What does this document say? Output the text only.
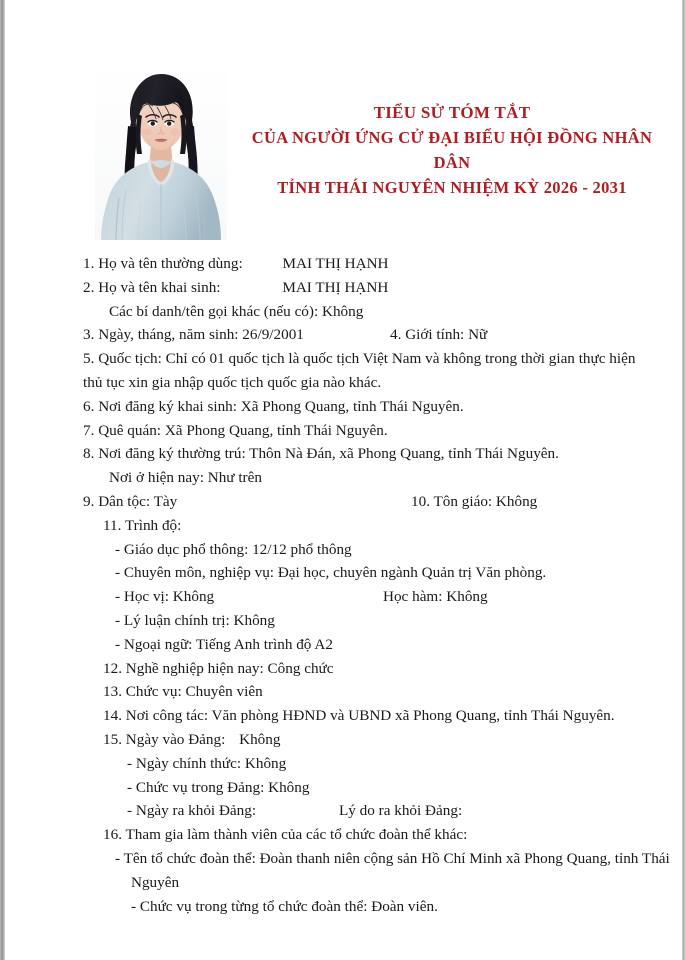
TIỂU SỬ TÓM TẮT
CỦA NGƯỜI ỨNG CỬ ĐẠI BIỂU HỘI ĐỒNG NHÂN DÂN
TỈNH THÁI NGUYÊN NHIỆM KỲ 2026 - 2031
1. Họ và tên thường dùng:	MAI THỊ HẠNH
2. Họ và tên khai sinh:	MAI THỊ HẠNH
Các bí danh/tên gọi khác (nếu có): Không
3. Ngày, tháng, năm sinh: 26/9/2001	4. Giới tính: Nữ
5. Quốc tịch: Chỉ có 01 quốc tịch là quốc tịch Việt Nam và không trong thời gian thực hiện thủ tục xin gia nhập quốc tịch quốc gia nào khác.
6. Nơi đăng ký khai sinh: Xã Phong Quang, tỉnh Thái Nguyên.
7. Quê quán: Xã Phong Quang, tỉnh Thái Nguyên.
8. Nơi đăng ký thường trú: Thôn Nà Đán, xã Phong Quang, tỉnh Thái Nguyên.
Nơi ở hiện nay: Như trên
9. Dân tộc: Tày	10. Tôn giáo: Không
11. Trình độ:
- Giáo dục phổ thông: 12/12 phổ thông
- Chuyên môn, nghiệp vụ: Đại học, chuyên ngành Quản trị Văn phòng.
- Học vị: Không	Học hàm: Không
- Lý luận chính trị: Không
- Ngoại ngữ: Tiếng Anh trình độ A2
12. Nghề nghiệp hiện nay: Công chức
13. Chức vụ: Chuyên viên
14. Nơi công tác: Văn phòng HĐND và UBND xã Phong Quang, tỉnh Thái Nguyên.
15. Ngày vào Đảng: Không
- Ngày chính thức: Không
- Chức vụ trong Đảng: Không
- Ngày ra khỏi Đảng:	Lý do ra khỏi Đảng:
16. Tham gia làm thành viên của các tổ chức đoàn thể khác:
- Tên tổ chức đoàn thể: Đoàn thanh niên cộng sản Hồ Chí Minh xã Phong Quang, tỉnh Thái Nguyên
- Chức vụ trong từng tổ chức đoàn thể: Đoàn viên.
